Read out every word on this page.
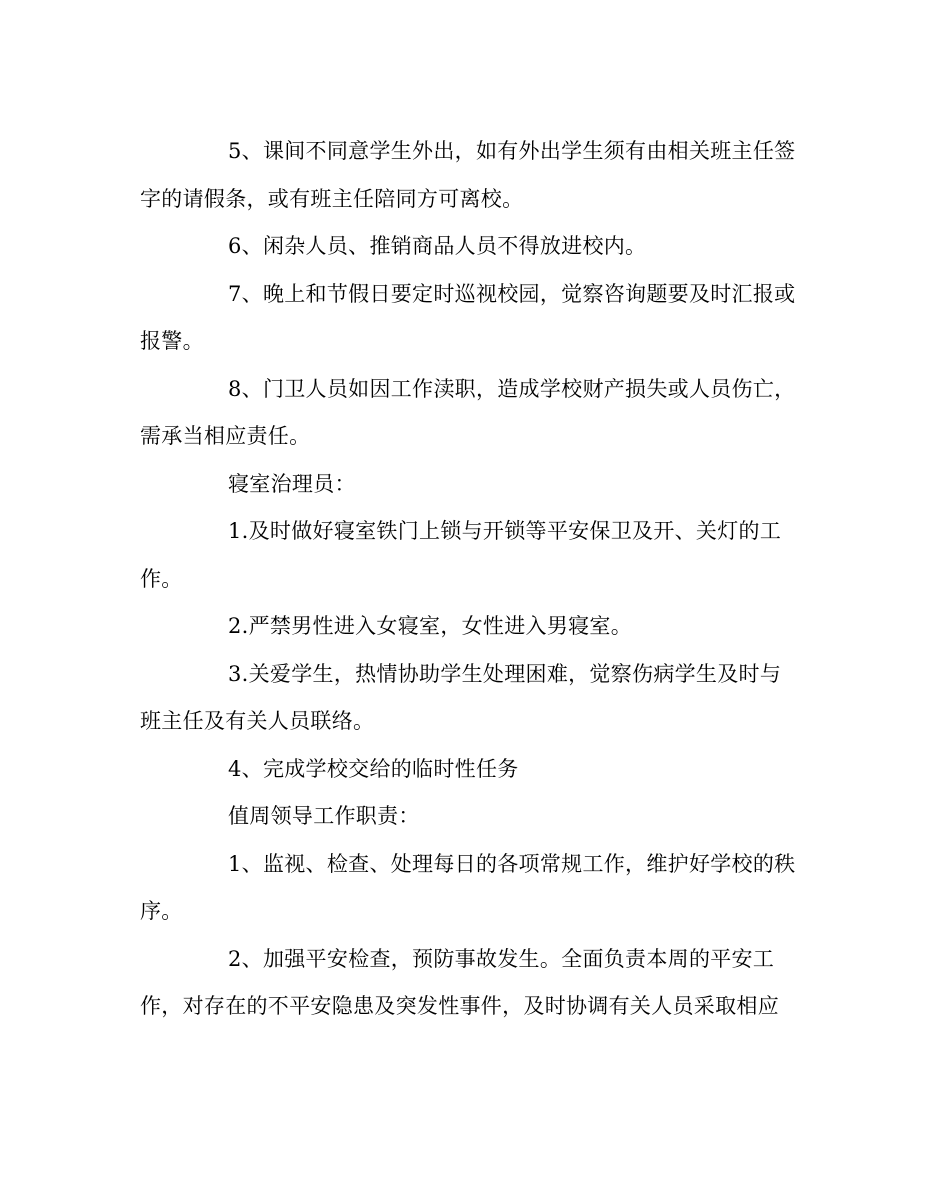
5、课间不同意学生外出，如有外出学生须有由相关班主任签
字的请假条，或有班主任陪同方可离校。
6、闲杂人员、推销商品人员不得放进校内。
7、晚上和节假日要定时巡视校园，觉察咨询题要及时汇报或
报警。
8、门卫人员如因工作渎职，造成学校财产损失或人员伤亡，
需承当相应责任。
寝室治理员：
1.及时做好寝室铁门上锁与开锁等平安保卫及开、关灯的工
作。
2.严禁男性进入女寝室，女性进入男寝室。
3.关爱学生，热情协助学生处理困难，觉察伤病学生及时与
班主任及有关人员联络。
4、完成学校交给的临时性任务
值周领导工作职责：
1、监视、检查、处理每日的各项常规工作，维护好学校的秩
序。
2、加强平安检查，预防事故发生。全面负责本周的平安工
作，对存在的不平安隐患及突发性事件，及时协调有关人员采取相应
